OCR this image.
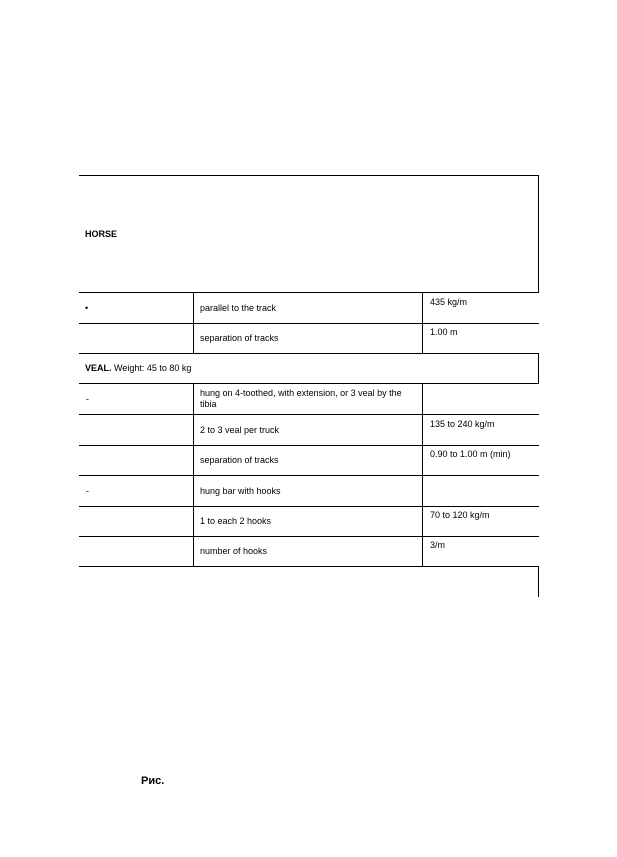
HORSE
•	parallel to the track
435 kg/m
separation of tracks
1.00 m
VEAL. Weight: 45 to 80 kg
-
hung on 4-toothed, with extension, or 3 veal by the tibia
2 to 3 veal per truck
135 to 240 kg/m
separation of tracks
0.90 to 1.00 m (min)
-	hung bar with hooks
1 to each 2 hooks
70 to 120 kg/m
number of hooks
3/m
Рис.
